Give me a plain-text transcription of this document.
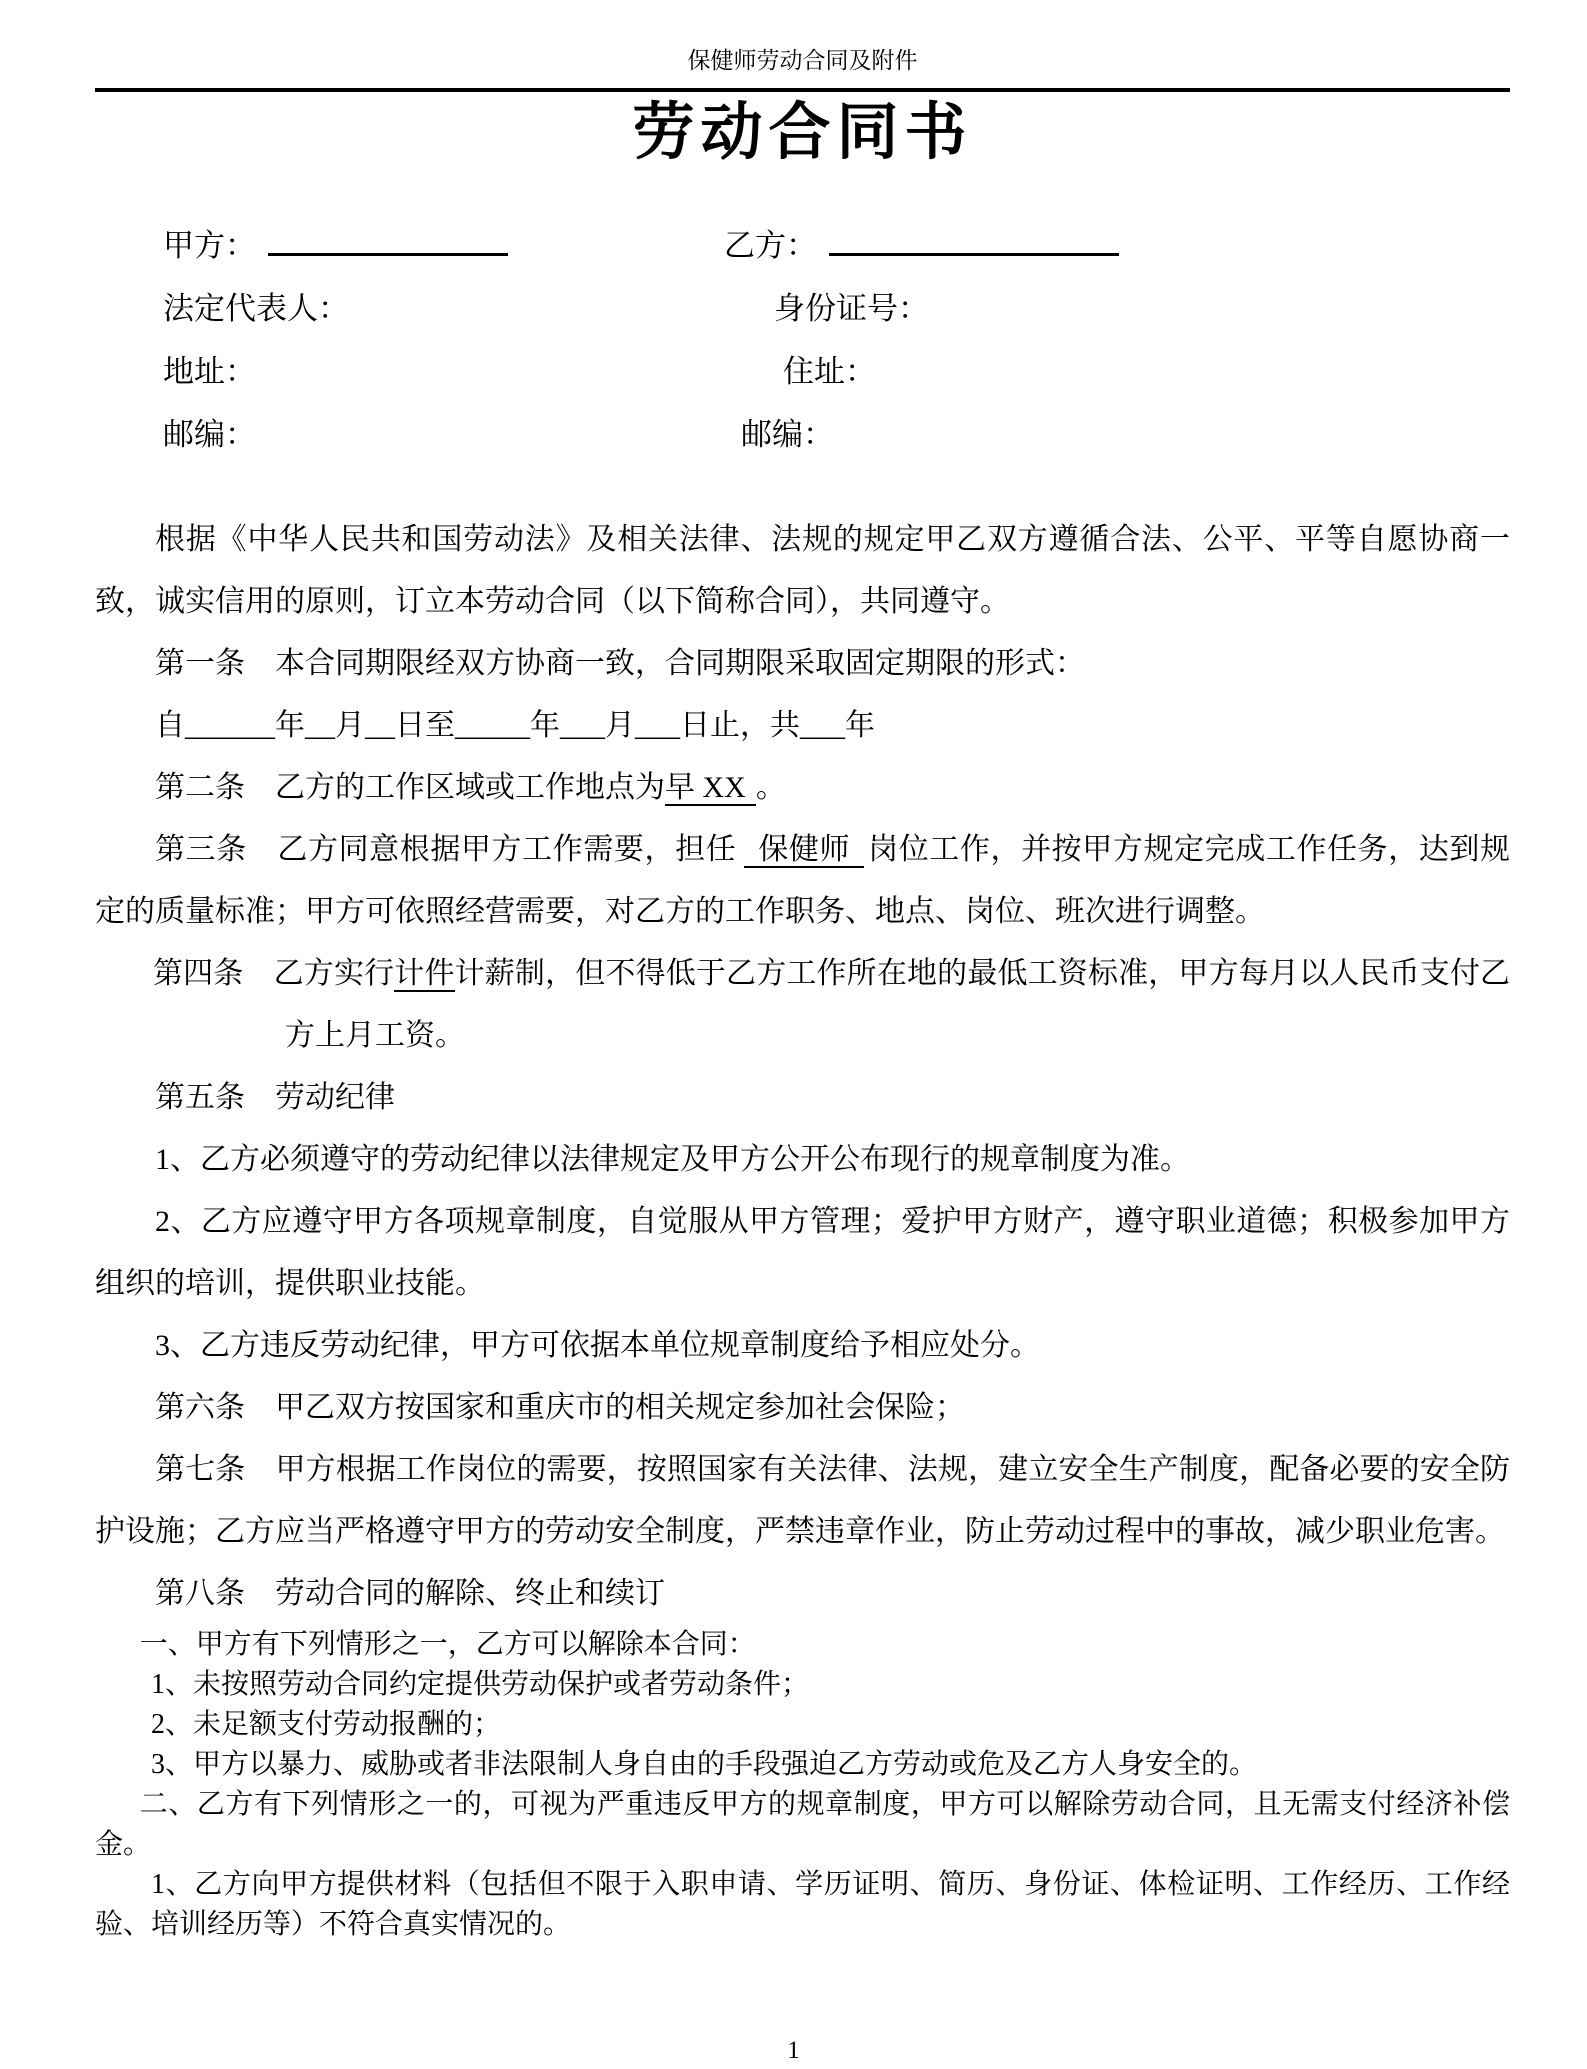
保健师劳动合同及附件
劳动合同书
甲方：	乙方：
法定代表人：	身份证号：
地址：	住址：
邮编：	邮编：

根据《中华人民共和国劳动法》及相关法律、法规的规定甲乙双方遵循合法、公平、平等自愿协商一致，诚实信用的原则，订立本劳动合同（以下简称合同），共同遵守。

第一条　本合同期限经双方协商一致，合同期限采取固定期限的形式：

自______年__月__日至_____年___月___日止，共___年

第二条　乙方的工作区域或工作地点为早 XX 。

第三条　乙方同意根据甲方工作需要，担任 保健师 岗位工作，并按甲方规定完成工作任务，达到规定的质量标准；甲方可依照经营需要，对乙方的工作职务、地点、岗位、班次进行调整。

第四条　乙方实行计件计薪制，但不得低于乙方工作所在地的最低工资标准，甲方每月以人民币支付乙方上月工资。

第五条　劳动纪律

1、乙方必须遵守的劳动纪律以法律规定及甲方公开公布现行的规章制度为准。

2、乙方应遵守甲方各项规章制度，自觉服从甲方管理；爱护甲方财产，遵守职业道德；积极参加甲方组织的培训，提供职业技能。

3、乙方违反劳动纪律，甲方可依据本单位规章制度给予相应处分。

第六条　甲乙双方按国家和重庆市的相关规定参加社会保险；

第七条　甲方根据工作岗位的需要，按照国家有关法律、法规，建立安全生产制度，配备必要的安全防护设施；乙方应当严格遵守甲方的劳动安全制度，严禁违章作业，防止劳动过程中的事故，减少职业危害。

第八条　劳动合同的解除、终止和续订

一、甲方有下列情形之一，乙方可以解除本合同：

1、未按照劳动合同约定提供劳动保护或者劳动条件；

2、未足额支付劳动报酬的；

3、甲方以暴力、威胁或者非法限制人身自由的手段强迫乙方劳动或危及乙方人身安全的。

二、乙方有下列情形之一的，可视为严重违反甲方的规章制度，甲方可以解除劳动合同，且无需支付经济补偿金。

1、乙方向甲方提供材料（包括但不限于入职申请、学历证明、简历、身份证、体检证明、工作经历、工作经验、培训经历等）不符合真实情况的。

1
